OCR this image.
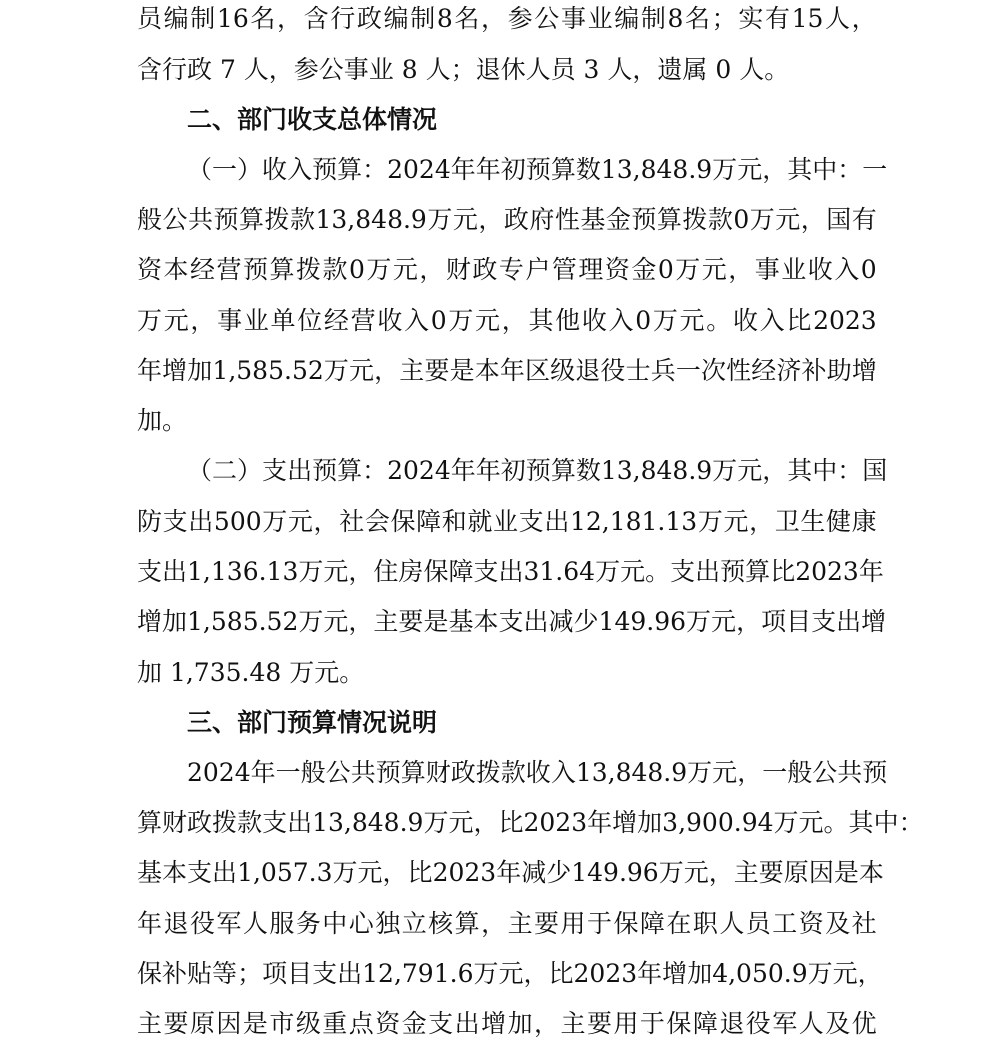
员 编 制 16 名 ， 含 行 政 编 制 8 名 ， 参 公 事 业 编 制 8 名 ； 实 有 15 人 ，
含行政 7 人，参公事业 8 人；退休人员 3 人，遗属 0 人。
二、部门收支总体情况
（ 一 ） 收 入 预 算 ： 2024 年 年 初 预 算 数 13,848.9 万 元 ， 其 中 ： 一
般 公 共 预 算 拨 款 13,848.9 万 元 ， 政 府 性 基 金 预 算 拨 款 0 万 元 ， 国 有
资 本 经 营 预 算 拨 款 0 万 元 ， 财 政 专 户 管 理 资 金 0 万 元 ， 事 业 收 入 0
万 元 ， 事 业 单 位 经 营 收 入 0 万 元 ， 其 他 收 入 0 万 元 。 收 入 比 2023
年 增 加 1,585.52 万 元 ， 主 要 是 本 年 区 级 退 役 士 兵 一 次 性 经 济 补 助 增
加。
（ 二 ） 支 出 预 算 ： 2024 年 年 初 预 算 数 13,848.9 万 元 ， 其 中 ： 国
防 支 出 500 万 元 ， 社 会 保 障 和 就 业 支 出 12,181.13 万 元 ， 卫 生 健 康
支 出 1,136.13 万 元 ， 住 房 保 障 支 出 31.64 万 元 。 支 出 预 算 比 2023 年
增 加 1,585.52 万 元 ， 主 要 是 基 本 支 出 减 少 149.96 万 元 ， 项 目 支 出 增
加 1,735.48 万元。
三、部门预算情况说明
2024 年 一 般 公 共 预 算 财 政 拨 款 收 入 13,848.9 万 元 ， 一 般 公 共 预
算 财 政 拨 款 支 出 13,848.9 万 元 ， 比 2023 年 增 加 3,900.94 万 元 。 其 中 ：
基 本 支 出 1,057.3 万 元 ， 比 2023 年 减 少 149.96 万 元 ， 主 要 原 因 是 本
年 退 役 军 人 服 务 中 心 独 立 核 算 ， 主 要 用 于 保 障 在 职 人 员 工 资 及 社
保 补 贴 等 ； 项 目 支 出 12,791.6 万 元 ， 比 2023 年 增 加 4,050.9 万 元 ，
主 要 原 因 是 市 级 重 点 资 金 支 出 增 加 ， 主 要 用 于 保 障 退 役 军 人 及 优
